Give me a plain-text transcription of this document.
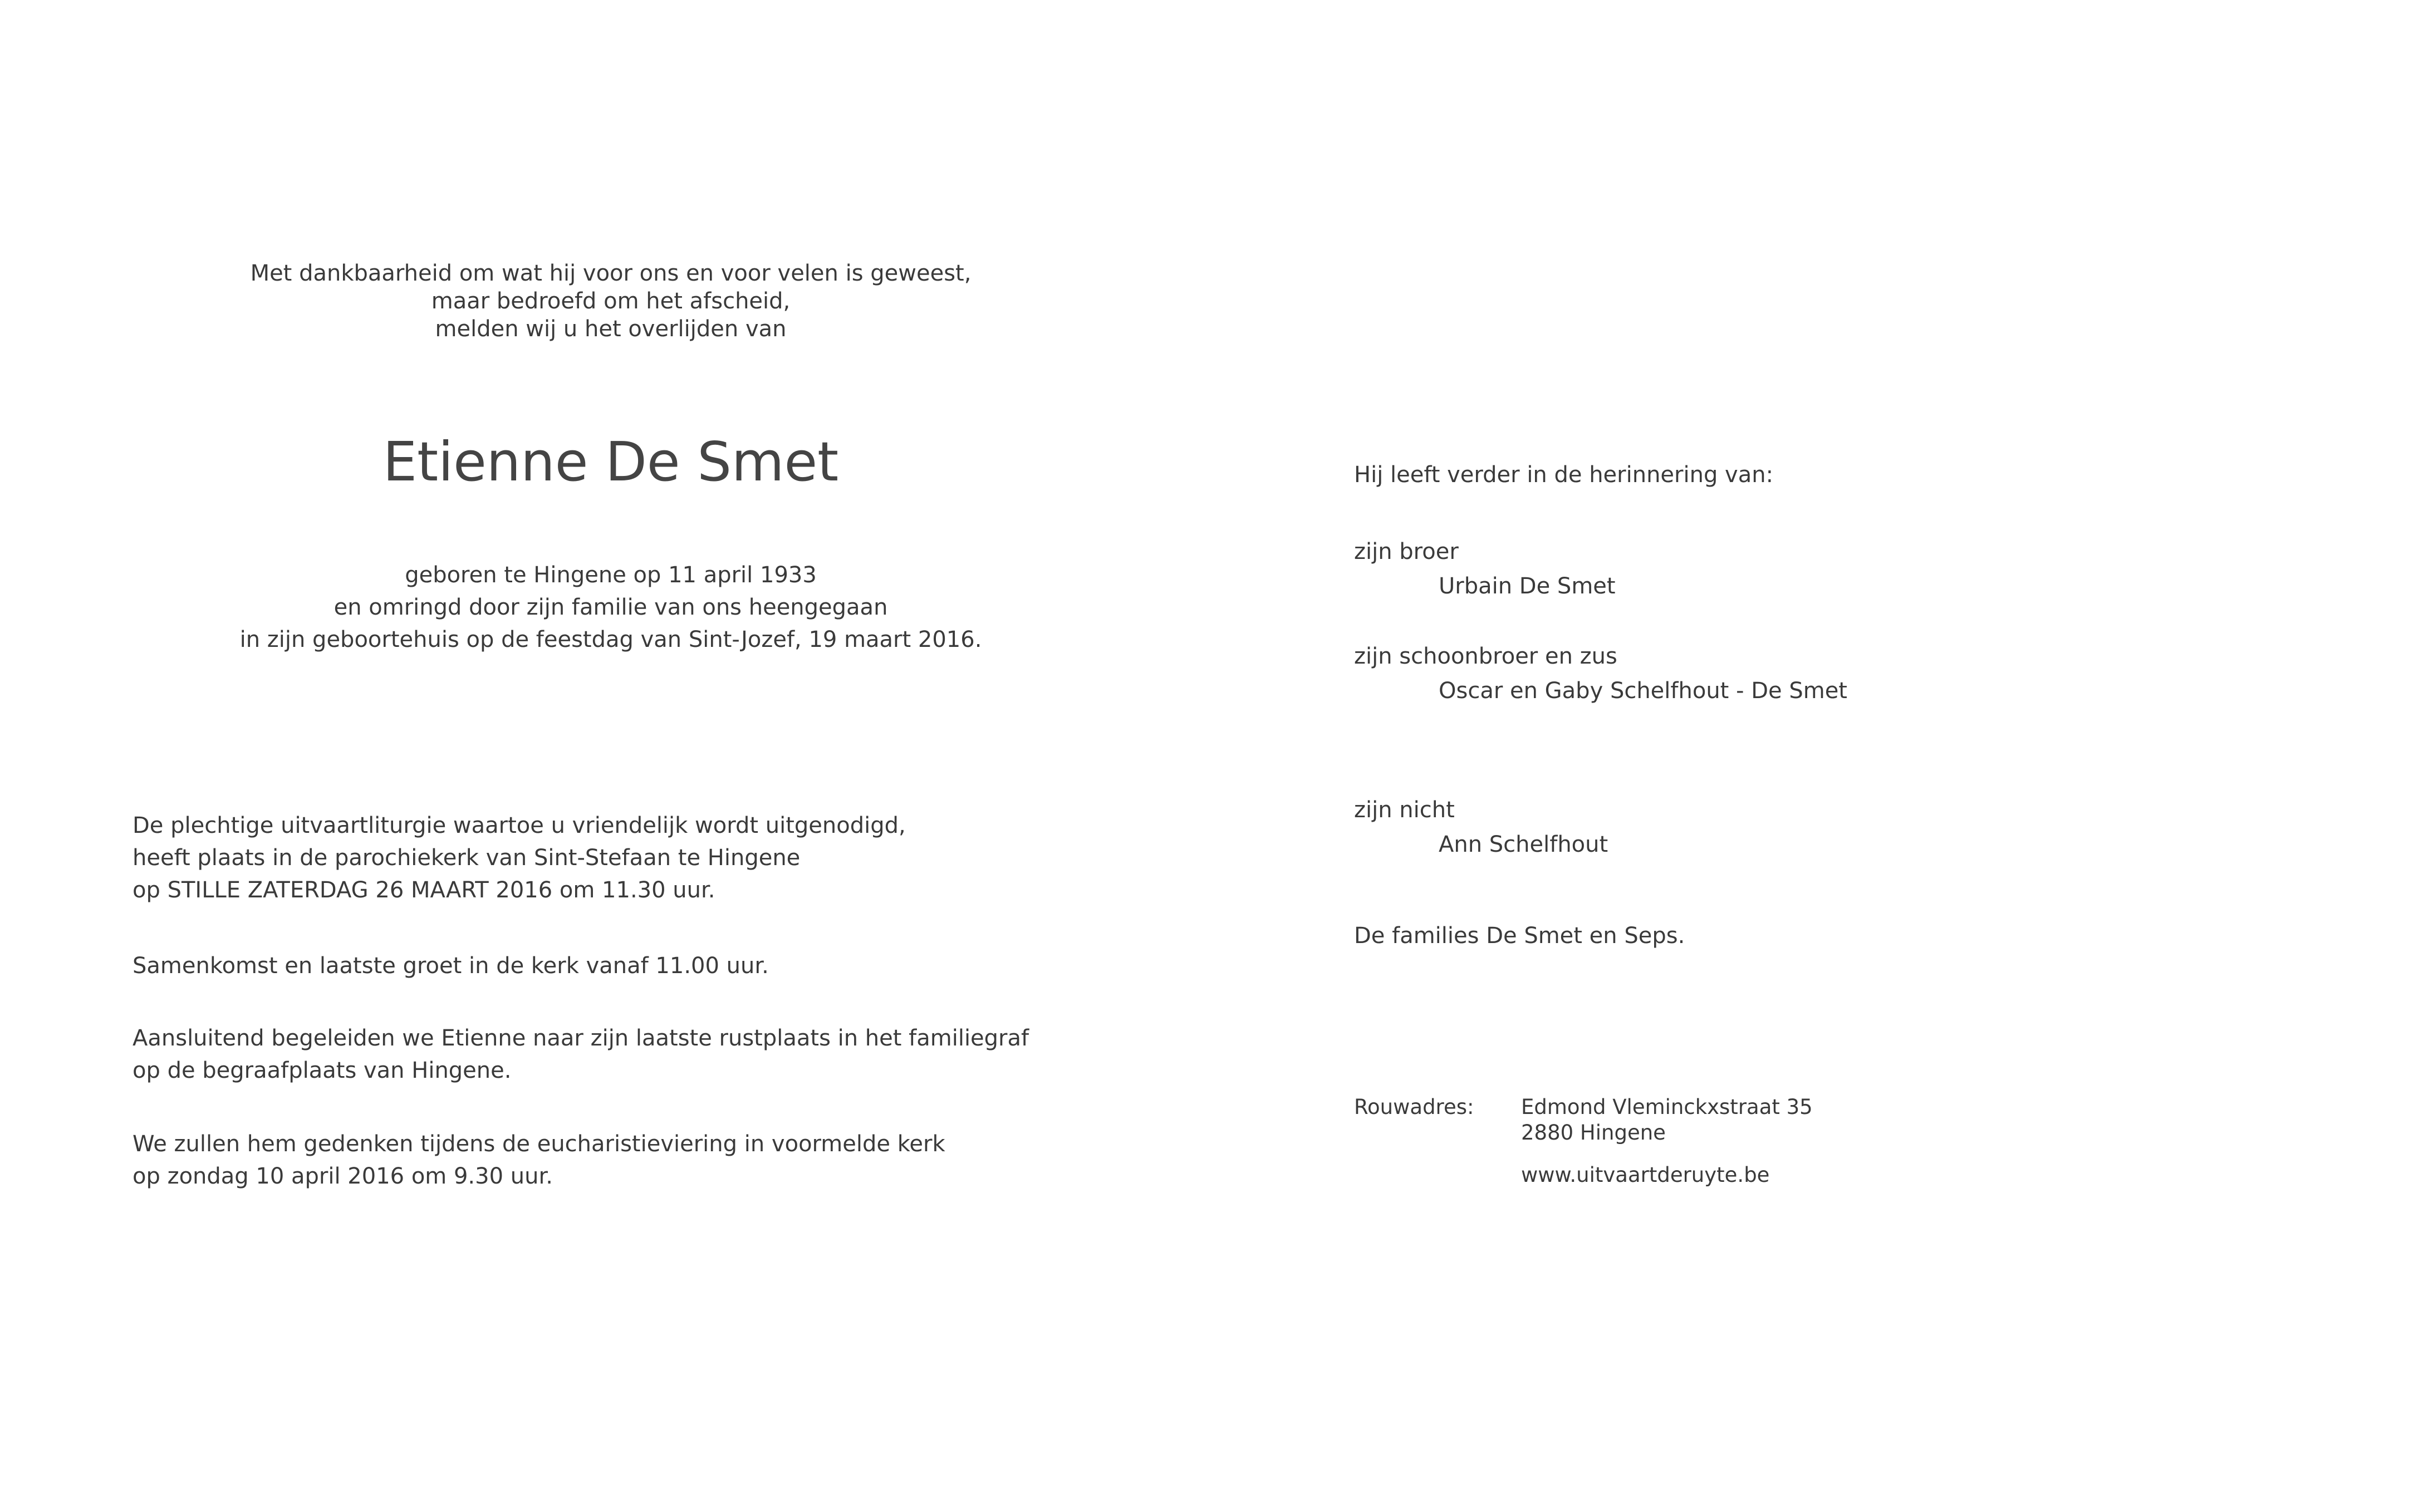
Met dankbaarheid om wat hij voor ons en voor velen is geweest,
maar bedroefd om het afscheid,
melden wij u het overlijden van
Etienne De Smet
geboren te Hingene op 11 april 1933
en omringd door zijn familie van ons heengegaan
in zijn geboortehuis op de feestdag van Sint-Jozef, 19 maart 2016.
De plechtige uitvaartliturgie waartoe u vriendelijk wordt uitgenodigd,
heeft plaats in de parochiekerk van Sint-Stefaan te Hingene
op STILLE ZATERDAG 26 MAART 2016 om 11.30 uur.
Samenkomst en laatste groet in de kerk vanaf 11.00 uur.
Aansluitend begeleiden we Etienne naar zijn laatste rustplaats in het familiegraf
op de begraafplaats van Hingene.
We zullen hem gedenken tijdens de eucharistieviering in voormelde kerk
op zondag 10 april 2016 om 9.30 uur.
Hij leeft verder in de herinnering van:
zijn broer
Urbain De Smet
zijn schoonbroer en zus
Oscar en Gaby Schelfhout - De Smet
zijn nicht
Ann Schelfhout
De families De Smet en Seps.
Rouwadres: Edmond Vleminckxstraat 35
2880 Hingene
www.uitvaartderuyte.be
